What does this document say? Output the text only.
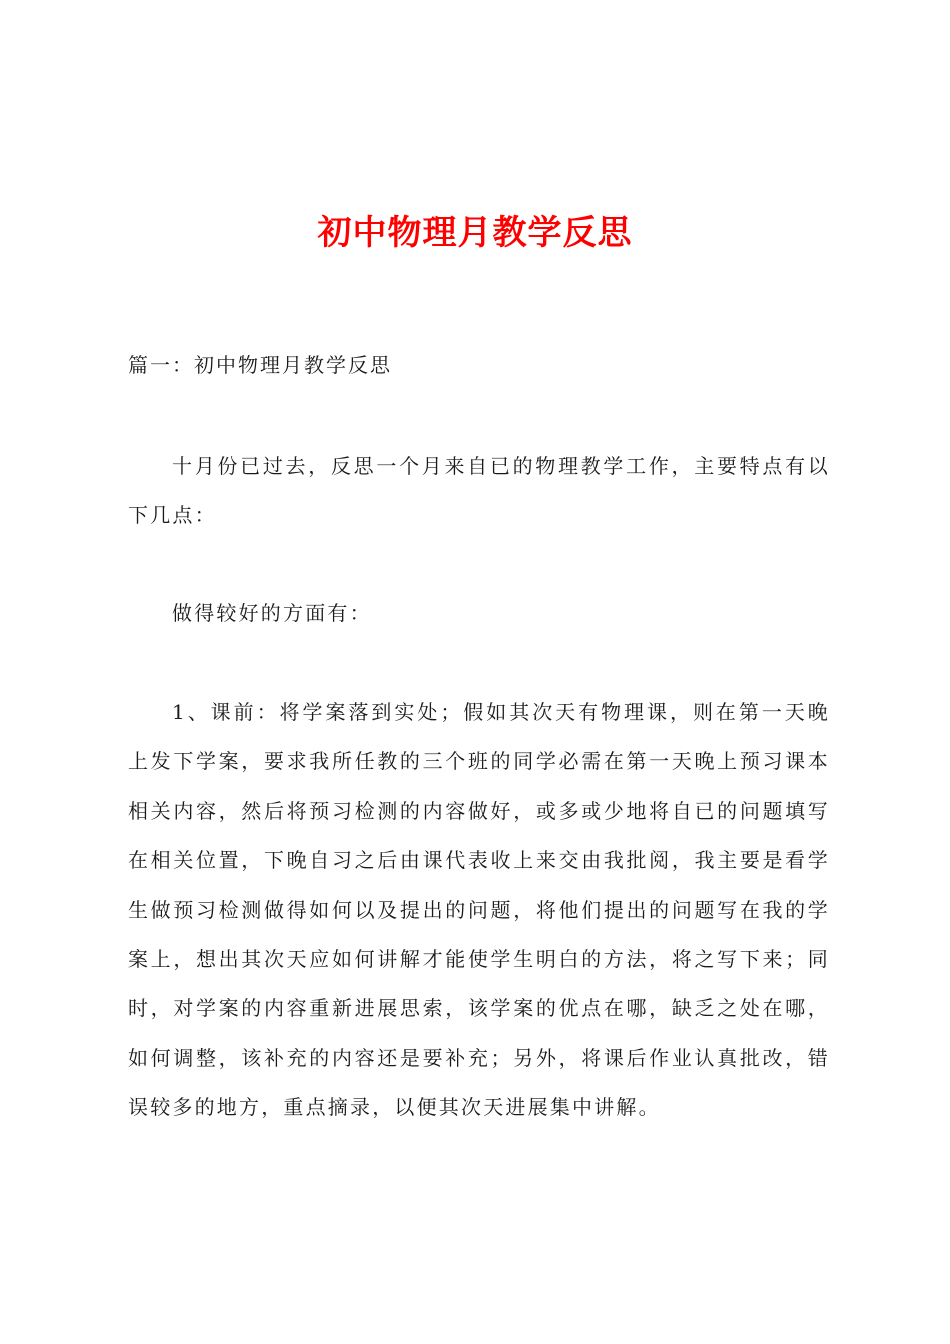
初中物理月教学反思

篇一：初中物理月教学反思

十月份已过去，反思一个月来自已的物理教学工作，主要特点有以下几点：

做得较好的方面有：

1、课前：将学案落到实处；假如其次天有物理课，则在第一天晚上发下学案，要求我所任教的三个班的同学必需在第一天晚上预习课本相关内容，然后将预习检测的内容做好，或多或少地将自已的问题填写在相关位置，下晚自习之后由课代表收上来交由我批阅，我主要是看学生做预习检测做得如何以及提出的问题，将他们提出的问题写在我的学案上，想出其次天应如何讲解才能使学生明白的方法，将之写下来；同时，对学案的内容重新进展思索，该学案的优点在哪，缺乏之处在哪，如何调整，该补充的内容还是要补充；另外，将课后作业认真批改，错误较多的地方，重点摘录，以便其次天进展集中讲解。
